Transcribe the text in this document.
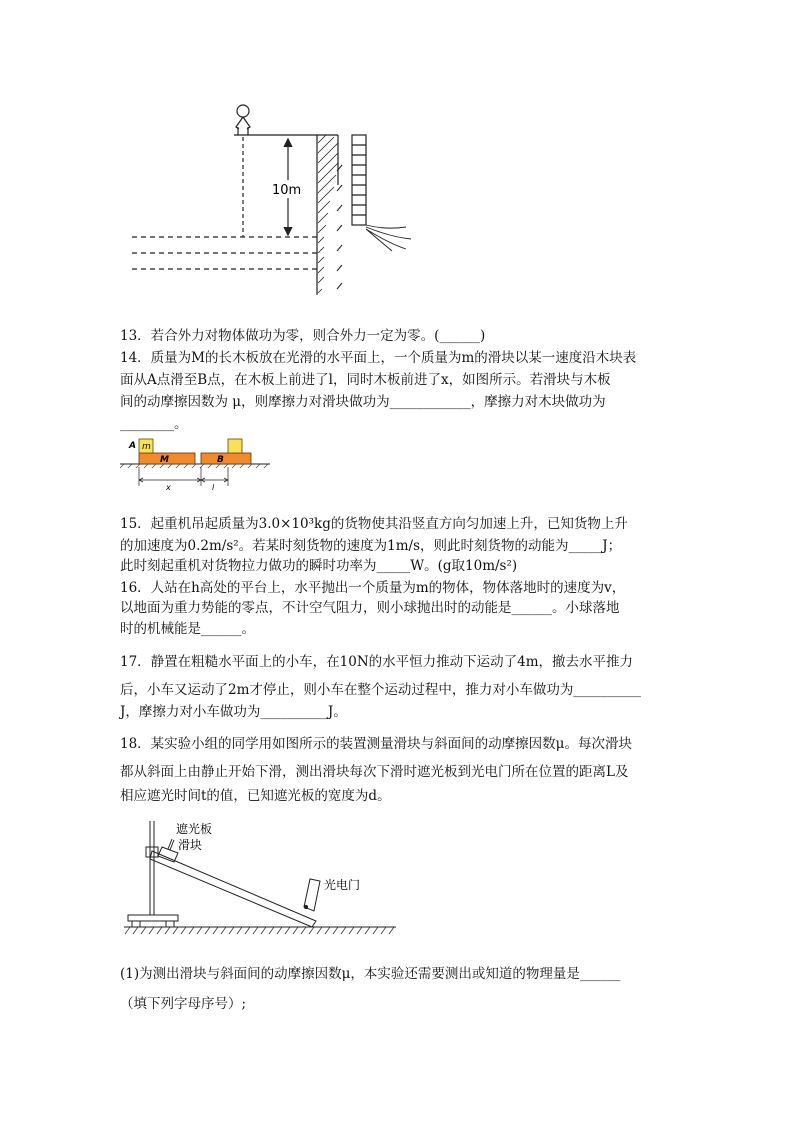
10m
13．若合外力对物体做功为零，则合外力一定为零。(______)
14．质量为M的长木板放在光滑的水平面上，一个质量为m的滑块以某一速度沿木块表
面从A点滑至B点，在木板上前进了l，同时木板前进了x，如图所示。若滑块与木板
间的动摩擦因数为 μ，则摩擦力对滑块做功为____________，摩擦力对木块做功为
________。
A m
M	B
x	l
15．起重机吊起质量为3.0×10³kg的货物使其沿竖直方向匀加速上升，已知货物上升
的加速度为0.2m/s²。若某时刻货物的速度为1m/s，则此时刻货物的动能为_____J；
此时刻起重机对货物拉力做功的瞬时功率为_____W。(g取10m/s²)
16．人站在h高处的平台上，水平抛出一个质量为m的物体，物体落地时的速度为v，
以地面为重力势能的零点，不计空气阻力，则小球抛出时的动能是______。小球落地
时的机械能是______。
17．静置在粗糙水平面上的小车，在10N的水平恒力推动下运动了4m，撤去水平推力
后，小车又运动了2m才停止，则小车在整个运动过程中，推力对小车做功为__________
J，摩擦力对小车做功为__________J。
18．某实验小组的同学用如图所示的装置测量滑块与斜面间的动摩擦因数μ。每次滑块
都从斜面上由静止开始下滑，测出滑块每次下滑时遮光板到光电门所在位置的距离L及
相应遮光时间t的值，已知遮光板的宽度为d。
遮光板
滑块
光电门
(1)为测出滑块与斜面间的动摩擦因数μ，本实验还需要测出或知道的物理量是______
（填下列字母序号）;
